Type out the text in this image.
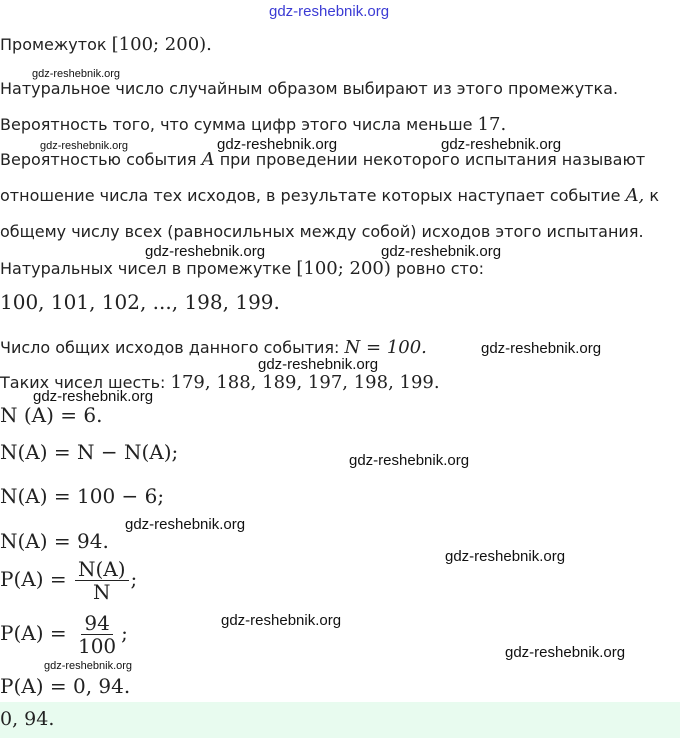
gdz-reshebnik.org
gdz-reshebnik.org
gdz-reshebnik.org	gdz-reshebnik.org	gdz-reshebnik.org
gdz-reshebnik.org	gdz-reshebnik.org
gdz-reshebnik.org
gdz-reshebnik.org
gdz-reshebnik.org
gdz-reshebnik.org
gdz-reshebnik.org
gdz-reshebnik.org
gdz-reshebnik.org
gdz-reshebnik.org
gdz-reshebnik.org
Промежуток [100; 200).
Натуральное число случайным образом выбирают из этого промежутка.
Вероятность того, что сумма цифр этого числа меньше 17.
Вероятностью события A при проведении некоторого испытания называют
отношение числа тех исходов, в результате которых наступает событие A, к
общему числу всех (равносильных между собой) исходов этого испытания.
Натуральных чисел в промежутке [100; 200) ровно сто:
100, 101, 102, ..., 198, 199.
Число общих исходов данного события: N = 100.
Таких чисел шесть: 179, 188, 189, 197, 198, 199.
N (A) = 6.
N(A) = N − N(A);
N(A) = 100 − 6;
N(A) = 94.
$P(A) = \frac{N(A)}{N}$ ;
$P(A) = \frac{94}{100}$ ;
P(A) = 0, 94.
0, 94.
